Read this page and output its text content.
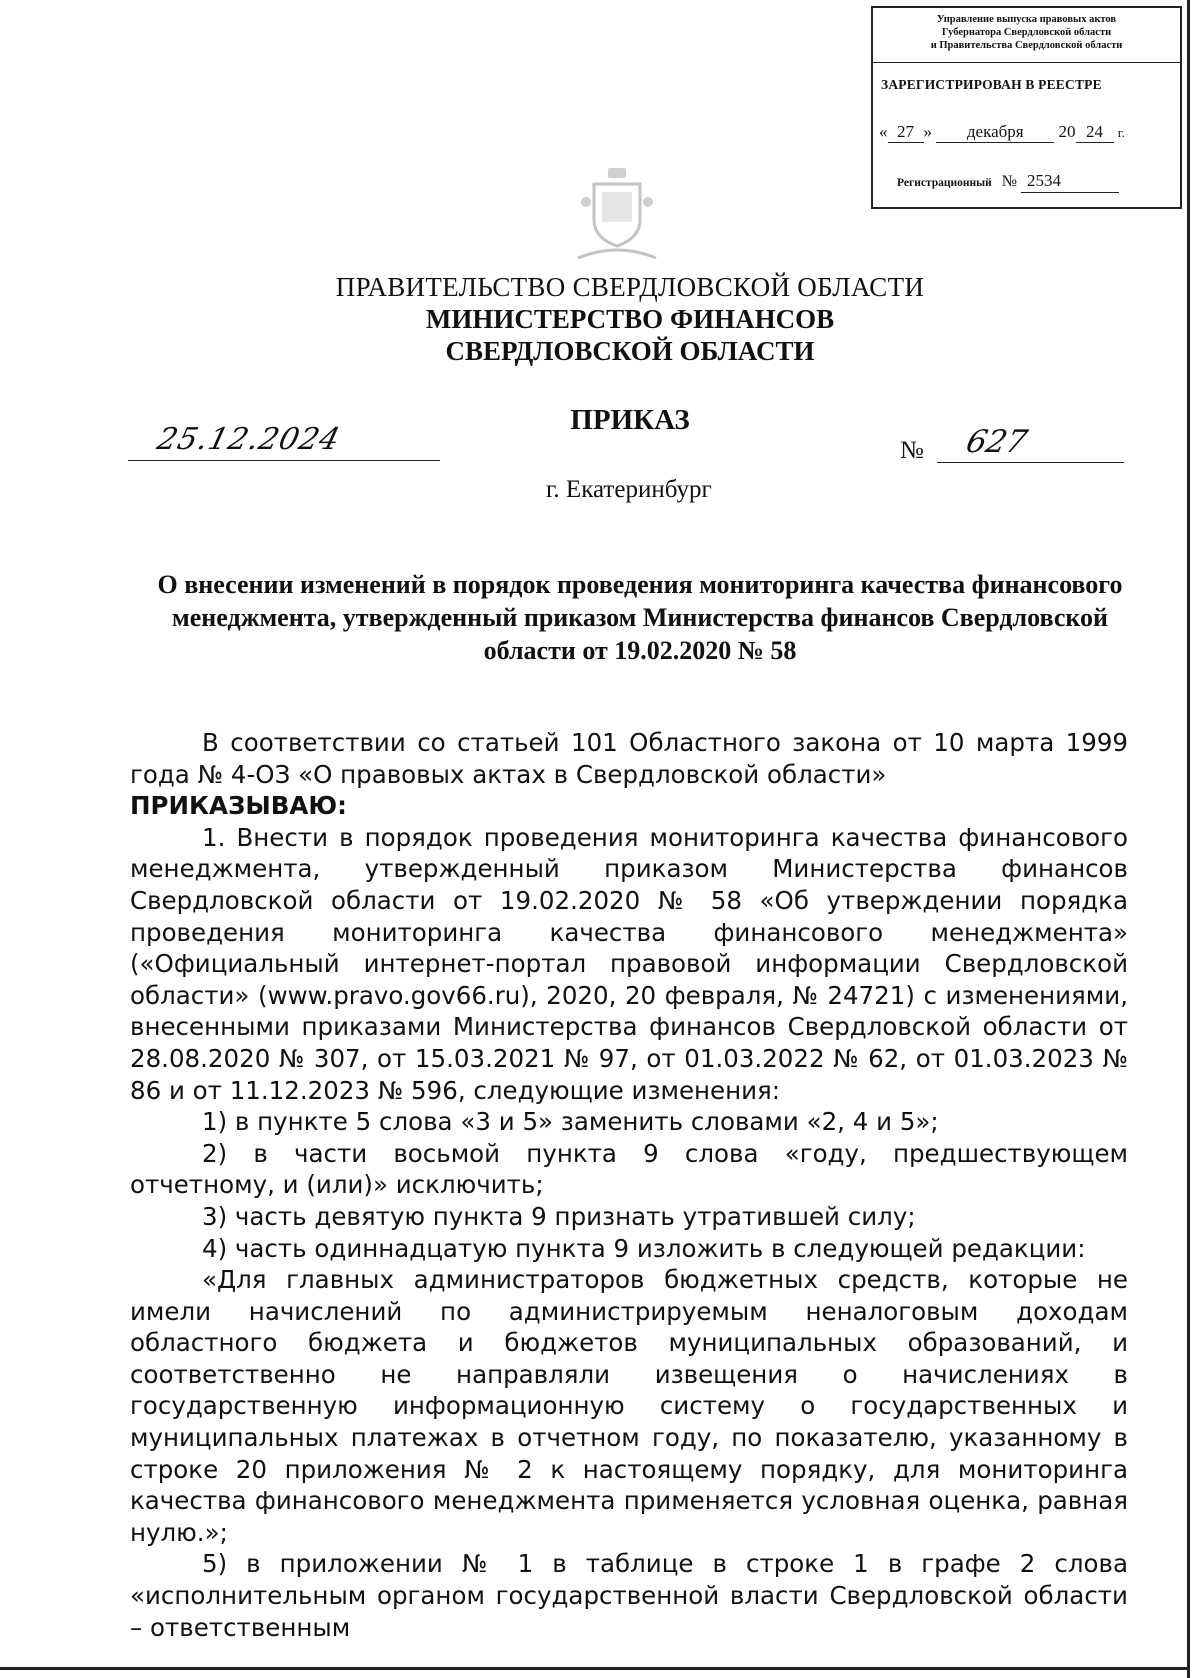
Управление выпуска правовых актов
Губернатора Свердловской области
и Правительства Свердловской области
ЗАРЕГИСТРИРОВАН В РЕЕСТРЕ
« 27 » декабря 20 24 г.
Регистрационный № 2534
ПРАВИТЕЛЬСТВО СВЕРДЛОВСКОЙ ОБЛАСТИ
МИНИСТЕРСТВО ФИНАНСОВ
СВЕРДЛОВСКОЙ ОБЛАСТИ
ПРИКАЗ
25.12.2024	№ 627
г. Екатеринбург
О внесении изменений в порядок проведения мониторинга качества финансового менеджмента, утвержденный приказом Министерства финансов Свердловской области от 19.02.2020 № 58

В соответствии со статьей 101 Областного закона от 10 марта 1999 года № 4-ОЗ «О правовых актах в Свердловской области»

ПРИКАЗЫВАЮ:

1. Внести в порядок проведения мониторинга качества финансового менеджмента, утвержденный приказом Министерства финансов Свердловской области от 19.02.2020 № 58 «Об утверждении порядка проведения мониторинга качества финансового менеджмента» («Официальный интернет-портал правовой информации Свердловской области» (www.pravo.gov66.ru), 2020, 20 февраля, № 24721) с изменениями, внесенными приказами Министерства финансов Свердловской области от 28.08.2020 № 307, от 15.03.2021 № 97, от 01.03.2022 № 62, от 01.03.2023 № 86 и от 11.12.2023 № 596, следующие изменения:

1) в пункте 5 слова «3 и 5» заменить словами «2, 4 и 5»;

2) в части восьмой пункта 9 слова «году, предшествующем отчетному, и (или)» исключить;

3) часть девятую пункта 9 признать утратившей силу;

4) часть одиннадцатую пункта 9 изложить в следующей редакции:

«Для главных администраторов бюджетных средств, которые не имели начислений по администрируемым неналоговым доходам областного бюджета и бюджетов муниципальных образований, и соответственно не направляли извещения о начислениях в государственную информационную систему о государственных и муниципальных платежах в отчетном году, по показателю, указанному в строке 20 приложения № 2 к настоящему порядку, для мониторинга качества финансового менеджмента применяется условная оценка, равная нулю.»;

5) в приложении № 1 в таблице в строке 1 в графе 2 слова «исполнительным органом государственной власти Свердловской области – ответственным
